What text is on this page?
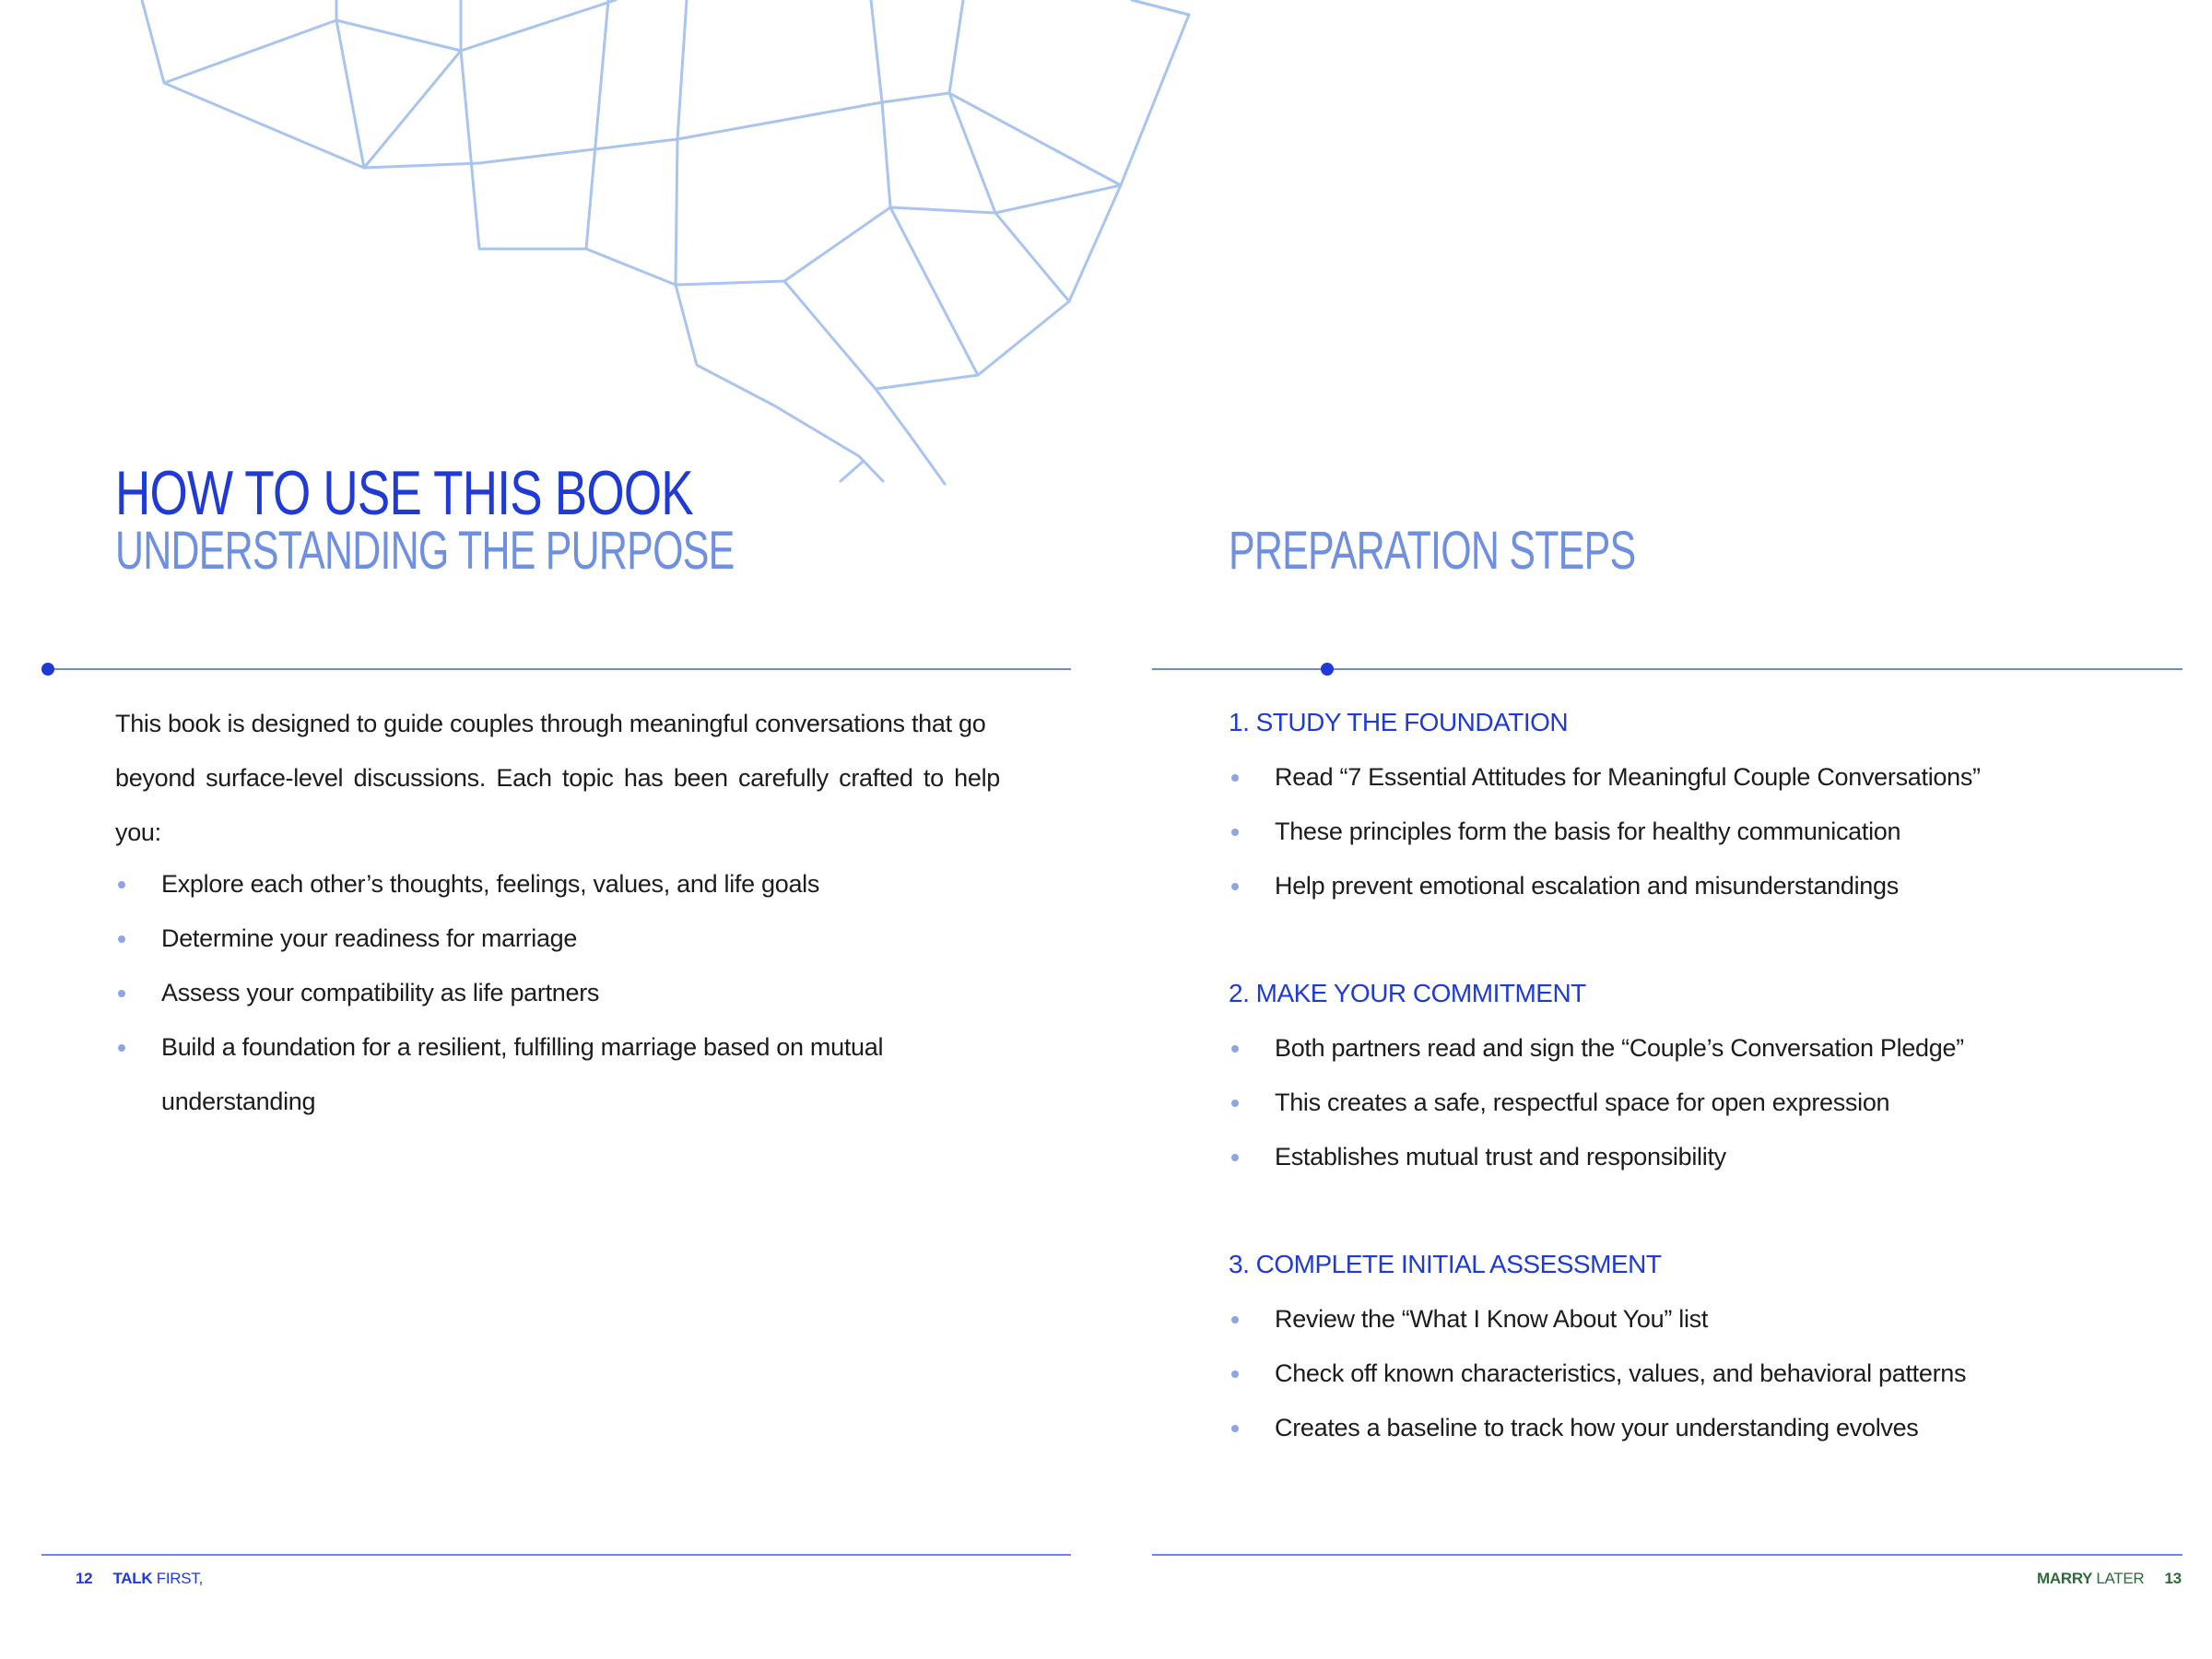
HOW TO USE THIS BOOK
UNDERSTANDING THE PURPOSE

This book is designed to guide couples through meaningful conversations that go
beyond surface-level discussions. Each topic has been carefully crafted to help you:

Explore each other’s thoughts, feelings, values, and life goals
Determine your readiness for marriage
Assess your compatibility as life partners
Build a foundation for a resilient, fulfilling marriage based on mutual understanding
12 TALK FIRST,
PREPARATION STEPS
1. STUDY THE FOUNDATION
Read “7 Essential Attitudes for Meaningful Couple Conversations”
These principles form the basis for healthy communication
Help prevent emotional escalation and misunderstandings
2. MAKE YOUR COMMITMENT
Both partners read and sign the “Couple’s Conversation Pledge”
This creates a safe, respectful space for open expression
Establishes mutual trust and responsibility
3. COMPLETE INITIAL ASSESSMENT
Review the “What I Know About You” list
Check off known characteristics, values, and behavioral patterns
Creates a baseline to track how your understanding evolves
MARRY LATER 13
